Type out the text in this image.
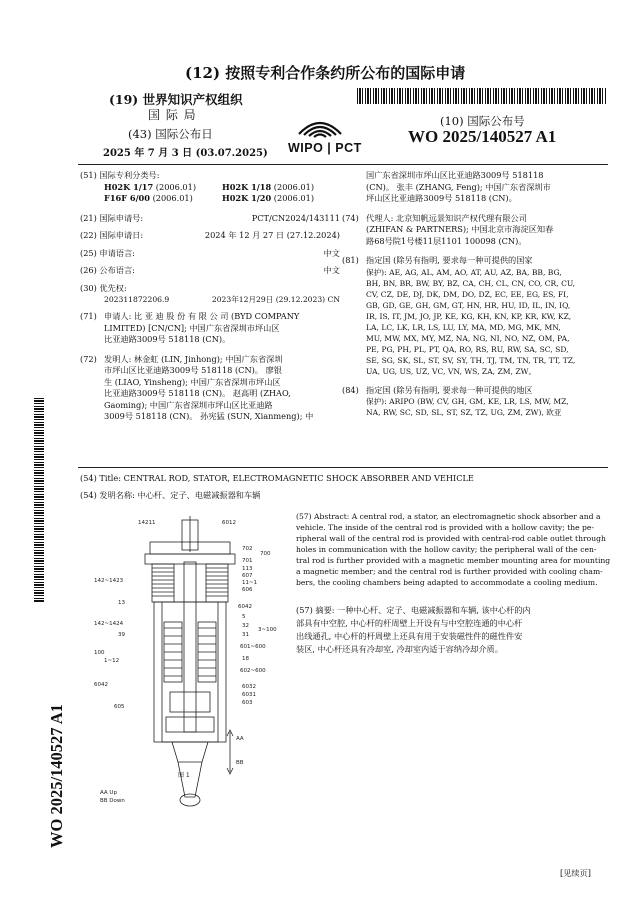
(12) 按照专利合作条约所公布的国际申请
(19) 世界知识产权组织
国 际 局
(43) 国际公布日
2025 年 7 月 3 日 (03.07.2025) WIPO | PCT
(10) 国际公布号
WO 2025/140527 A1
WO 2025/140527 A1
(51) 国际专利分类号:
H02K 1/17 (2006.01)	H02K 1/18 (2006.01)
F16F 6/00 (2006.01)	H02K 1/20 (2006.01)
(21) 国际申请号:	PCT/CN2024/143111
(22) 国际申请日:	2024 年 12 月 27 日 (27.12.2024)
(25) 申请语言:	中文
(26) 公布语言:	中文
(30) 优先权:
202311872206.9	2023年12月29日 (29.12.2023) CN
(71) 申请人: 比 亚 迪 股 份 有 限 公 司 (BYD COMPANY
LIMITED) [CN/CN]; 中国广东省深圳市坪山区
比亚迪路3009号 518118 (CN)。
(72) 发明人: 林金虹 (LIN, Jinhong); 中国广东省深圳
市坪山区比亚迪路3009号 518118 (CN)。 廖银
生 (LIAO, Yinsheng); 中国广东省深圳市坪山区
比亚迪路3009号 518118 (CN)。 赵高明 (ZHAO,
Gaoming); 中国广东省深圳市坪山区比亚迪路
3009号 518118 (CN)。 孙宪猛 (SUN, Xianmeng); 中
国广东省深圳市坪山区比亚迪路3009号 518118
(CN)。 张丰 (ZHANG, Feng); 中国广东省深圳市
坪山区比亚迪路3009号 518118 (CN)。
(74) 代理人: 北京知帆远景知识产权代理有限公司
(ZHIFAN & PARTNERS); 中国北京市海淀区知春
路68号院1号楼11层1101 100098 (CN)。
(81) 指定国 (除另有指明, 要求每一种可提供的国家
保护): AE, AG, AL, AM, AO, AT, AU, AZ, BA, BB, BG,
BH, BN, BR, BW, BY, BZ, CA, CH, CL, CN, CO, CR, CU,
CV, CZ, DE, DJ, DK, DM, DO, DZ, EC, EE, EG, ES, FI,
GB, GD, GE, GH, GM, GT, HN, HR, HU, ID, IL, IN, IQ,
IR, IS, IT, JM, JO, JP, KE, KG, KH, KN, KP, KR, KW, KZ,
LA, LC, LK, LR, LS, LU, LY, MA, MD, MG, MK, MN,
MU, MW, MX, MY, MZ, NA, NG, NI, NO, NZ, OM, PA,
PE, PG, PH, PL, PT, QA, RO, RS, RU, RW, SA, SC, SD,
SE, SG, SK, SL, ST, SV, SY, TH, TJ, TM, TN, TR, TT, TZ,
UA, UG, US, UZ, VC, VN, WS, ZA, ZM, ZW。
(84) 指定国 (除另有指明, 要求每一种可提供的地区
保护): ARIPO (BW, CV, GH, GM, KE, LR, LS, MW, MZ,
NA, RW, SC, SD, SL, ST, SZ, TZ, UG, ZM, ZW), 欧亚
(54) Title: CENTRAL ROD, STATOR, ELECTROMAGNETIC SHOCK ABSORBER AND VEHICLE
(54) 发明名称: 中心杆、定子、电磁减振器和车辆
14211	6012
142~1423
13
142~1424
39
100
1~12
6042
605
702
700
701
113
607
11~1
606
6042
5
32
31
3~100
601~600
18
602~600
6032
6031
603
AA
BB
图 1
AA Up
BB Down
(57) Abstract: A central rod, a stator, an electromagnetic shock absorber and a
vehicle. The inside of the central rod is provided with a hollow cavity; the pe-
ripheral wall of the central rod is provided with central-rod cable outlet through
holes in communication with the hollow cavity; the peripheral wall of the cen-
tral rod is further provided with a magnetic member mounting area for mounting
a magnetic member; and the central rod is further provided with cooling cham-
bers, the cooling chambers being adapted to accommodate a cooling medium.
(57) 摘要: 一种中心杆、定子、电磁减振器和车辆, 该中心杆的内
部具有中空腔, 中心杆的杆周壁上开设有与中空腔连通的中心杆
出线通孔, 中心杆的杆周壁上还具有用于安装磁性件的磁性件安
装区, 中心杆还具有冷却室, 冷却室内适于容纳冷却介质。
[见续页]
